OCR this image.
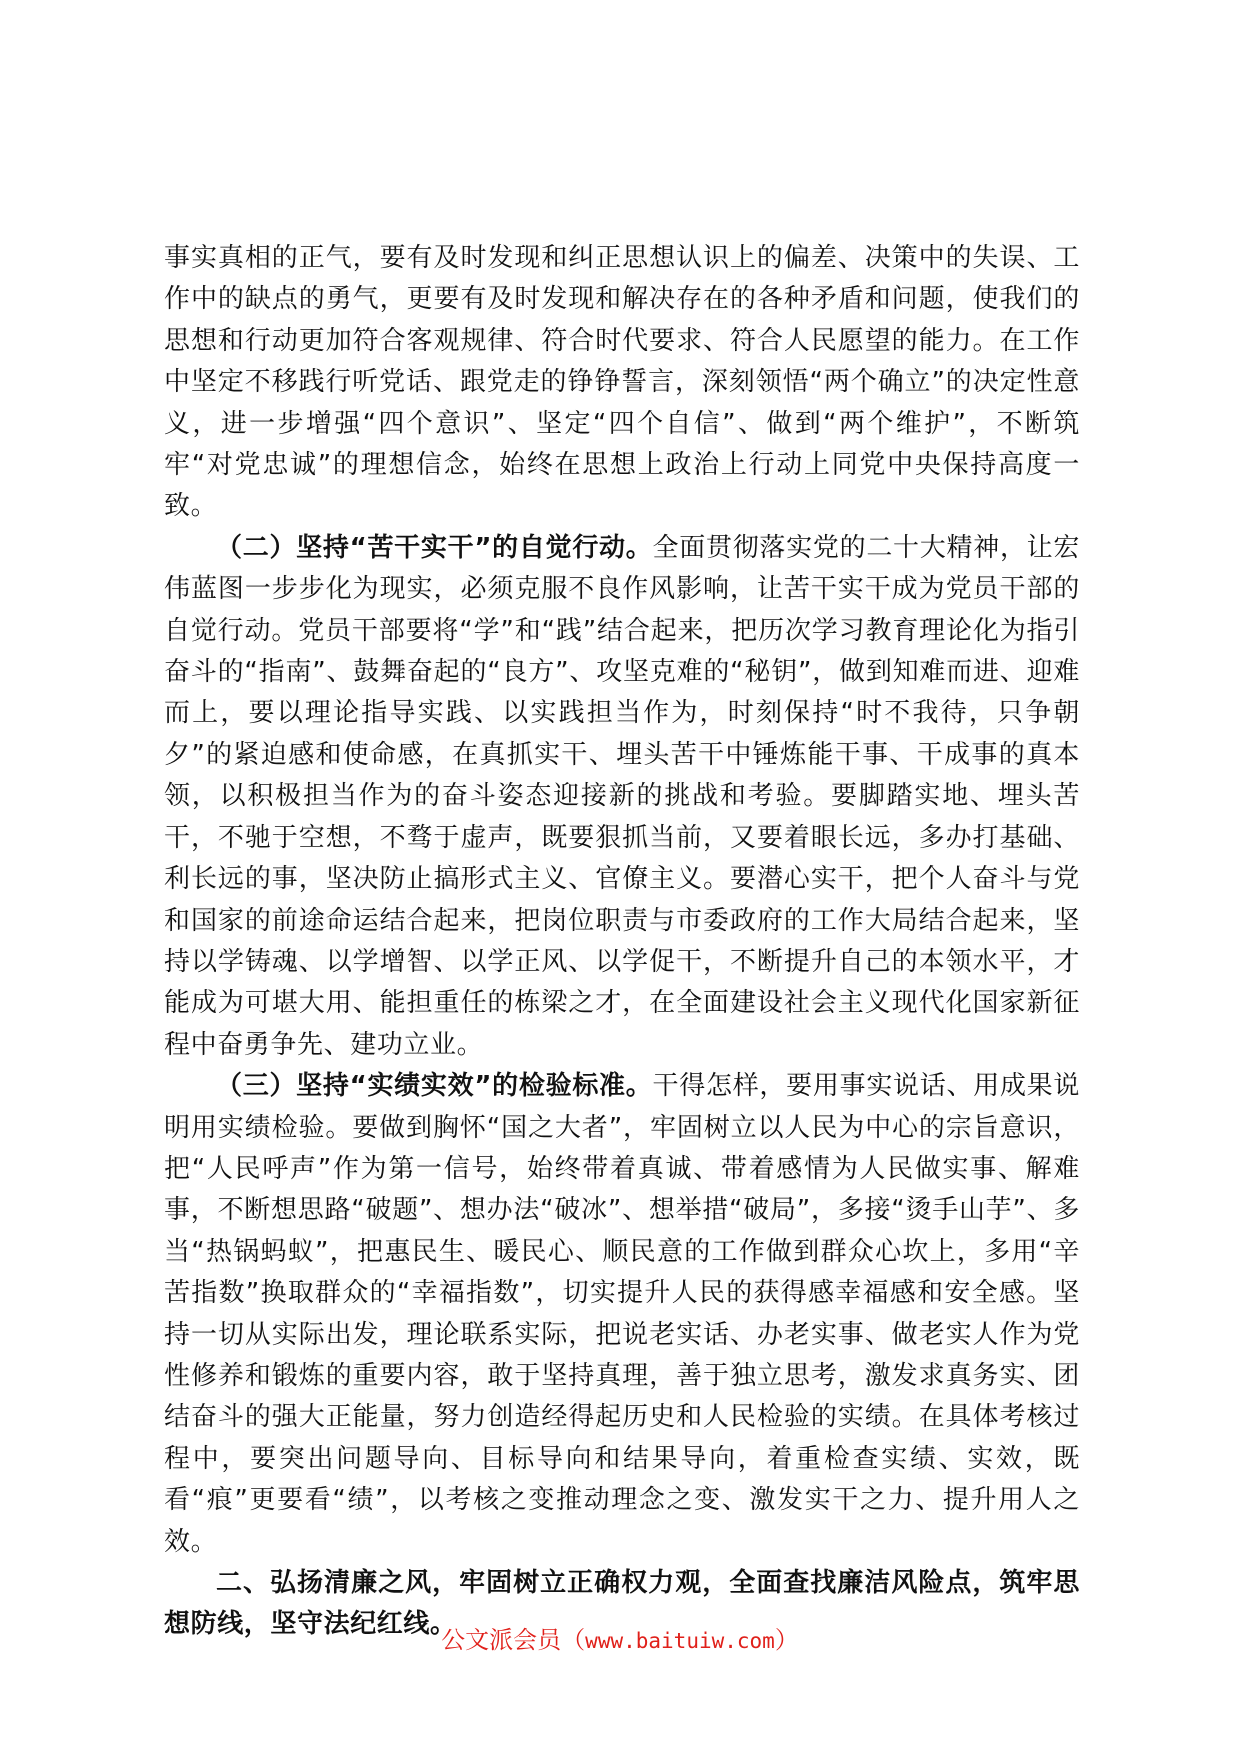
事实真相的正气，要有及时发现和纠正思想认识上的偏差、决策中的失误、工作中的缺点的勇气，更要有及时发现和解决存在的各种矛盾和问题，使我们的思想和行动更加符合客观规律、符合时代要求、符合人民愿望的能力。在工作中坚定不移践行听党话、跟党走的铮铮誓言，深刻领悟“两个确立”的决定性意义，进一步增强“四个意识”、坚定“四个自信”、做到“两个维护”，不断筑牢“对党忠诚”的理想信念，始终在思想上政治上行动上同党中央保持高度一致。

（二）坚持“苦干实干”的自觉行动。全面贯彻落实党的二十大精神，让宏伟蓝图一步步化为现实，必须克服不良作风影响，让苦干实干成为党员干部的自觉行动。党员干部要将“学”和“践”结合起来，把历次学习教育理论化为指引奋斗的“指南”、鼓舞奋起的“良方”、攻坚克难的“秘钥”，做到知难而进、迎难而上，要以理论指导实践、以实践担当作为，时刻保持“时不我待，只争朝夕”的紧迫感和使命感，在真抓实干、埋头苦干中锤炼能干事、干成事的真本领，以积极担当作为的奋斗姿态迎接新的挑战和考验。要脚踏实地、埋头苦干，不驰于空想，不骛于虚声，既要狠抓当前，又要着眼长远，多办打基础、利长远的事，坚决防止搞形式主义、官僚主义。要潜心实干，把个人奋斗与党和国家的前途命运结合起来，把岗位职责与市委政府的工作大局结合起来，坚持以学铸魂、以学增智、以学正风、以学促干，不断提升自己的本领水平，才能成为可堪大用、能担重任的栋梁之才，在全面建设社会主义现代化国家新征程中奋勇争先、建功立业。

（三）坚持“实绩实效”的检验标准。干得怎样，要用事实说话、用成果说明用实绩检验。要做到胸怀“国之大者”，牢固树立以人民为中心的宗旨意识，把“人民呼声”作为第一信号，始终带着真诚、带着感情为人民做实事、解难事，不断想思路“破题”、想办法“破冰”、想举措“破局”，多接“烫手山芋”、多当“热锅蚂蚁”，把惠民生、暖民心、顺民意的工作做到群众心坎上，多用“辛苦指数”换取群众的“幸福指数”，切实提升人民的获得感幸福感和安全感。坚持一切从实际出发，理论联系实际，把说老实话、办老实事、做老实人作为党性修养和锻炼的重要内容，敢于坚持真理，善于独立思考，激发求真务实、团结奋斗的强大正能量，努力创造经得起历史和人民检验的实绩。在具体考核过程中，要突出问题导向、目标导向和结果导向，着重检查实绩、实效，既看“痕”更要看“绩”，以考核之变推动理念之变、激发实干之力、提升用人之效。

二、弘扬清廉之风，牢固树立正确权力观，全面查找廉洁风险点，筑牢思想防线，坚守法纪红线。

公文派会员（www.baituiw.com）
